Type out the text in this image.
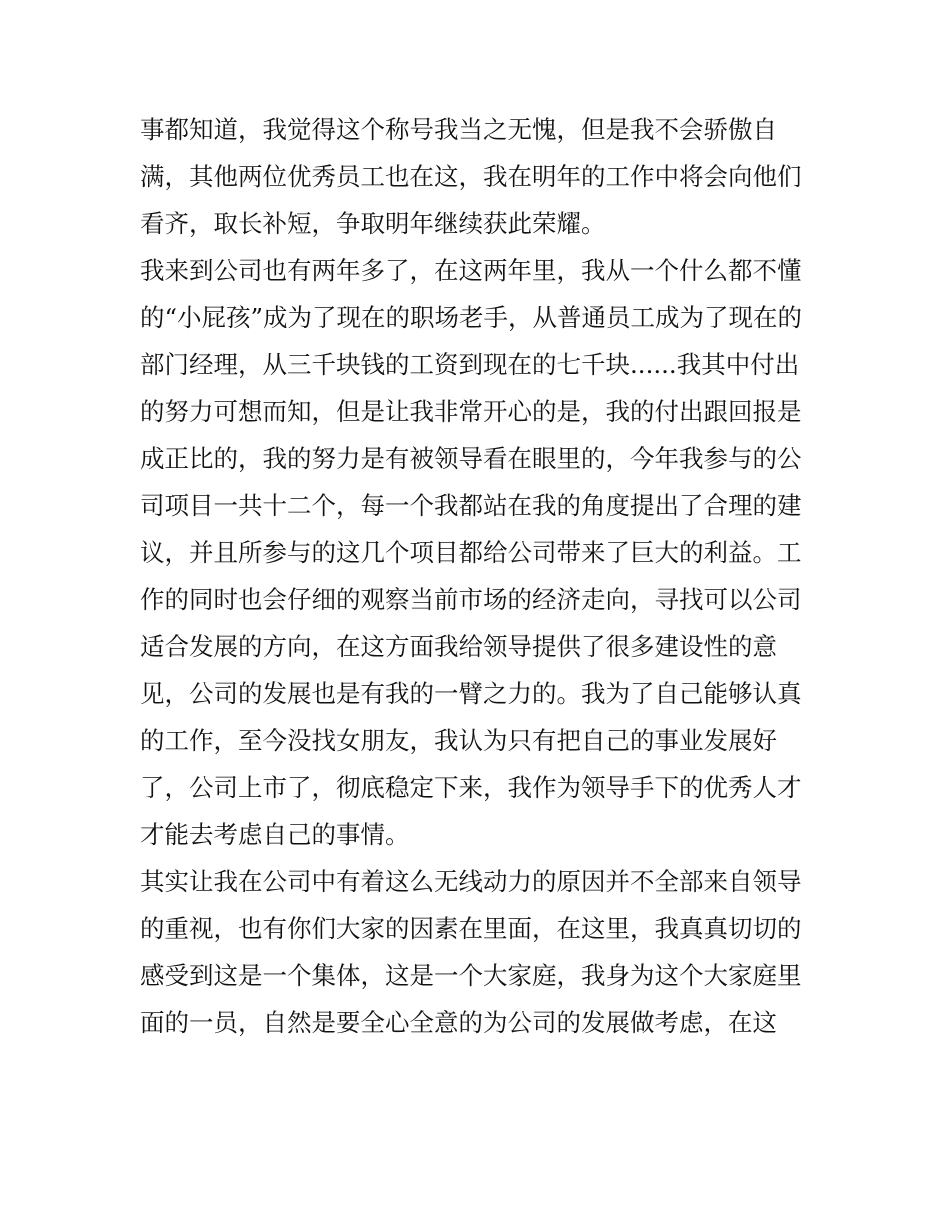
事都知道，我觉得这个称号我当之无愧，但是我不会骄傲自
满，其他两位优秀员工也在这，我在明年的工作中将会向他们
看齐，取长补短，争取明年继续获此荣耀。
我来到公司也有两年多了，在这两年里，我从一个什么都不懂
的“小屁孩”成为了现在的职场老手，从普通员工成为了现在的
部门经理，从三千块钱的工资到现在的七千块......我其中付出
的努力可想而知，但是让我非常开心的是，我的付出跟回报是
成正比的，我的努力是有被领导看在眼里的，今年我参与的公
司项目一共十二个，每一个我都站在我的角度提出了合理的建
议，并且所参与的这几个项目都给公司带来了巨大的利益。工
作的同时也会仔细的观察当前市场的经济走向，寻找可以公司
适合发展的方向，在这方面我给领导提供了很多建设性的意
见，公司的发展也是有我的一臂之力的。我为了自己能够认真
的工作，至今没找女朋友，我认为只有把自己的事业发展好
了，公司上市了，彻底稳定下来，我作为领导手下的优秀人才
才能去考虑自己的事情。
其实让我在公司中有着这么无线动力的原因并不全部来自领导
的重视，也有你们大家的因素在里面，在这里，我真真切切的
感受到这是一个集体，这是一个大家庭，我身为这个大家庭里
面的一员，自然是要全心全意的为公司的发展做考虑，在这
